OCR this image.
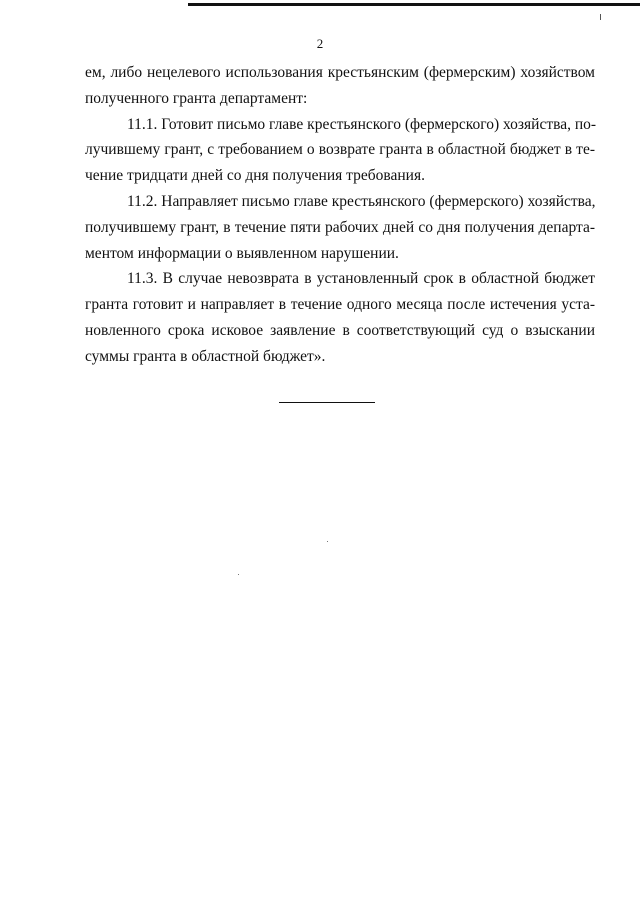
2
ем, либо нецелевого использования крестьянским (фермерским) хозяйством
полученного гранта департамент:
11.1. Готовит письмо главе крестьянского (фермерского) хозяйства, по-
лучившему грант, с требованием о возврате гранта в областной бюджет в те-
чение тридцати дней со дня получения требования.
11.2. Направляет письмо главе крестьянского (фермерского) хозяйства,
получившему грант, в течение пяти рабочих дней со дня получения департа-
ментом информации о выявленном нарушении.
11.3. В случае невозврата в установленный срок в областной бюджет
гранта готовит и направляет в течение одного месяца после истечения уста-
новленного срока исковое заявление в соответствующий суд о взыскании
суммы гранта в областной бюджет».
